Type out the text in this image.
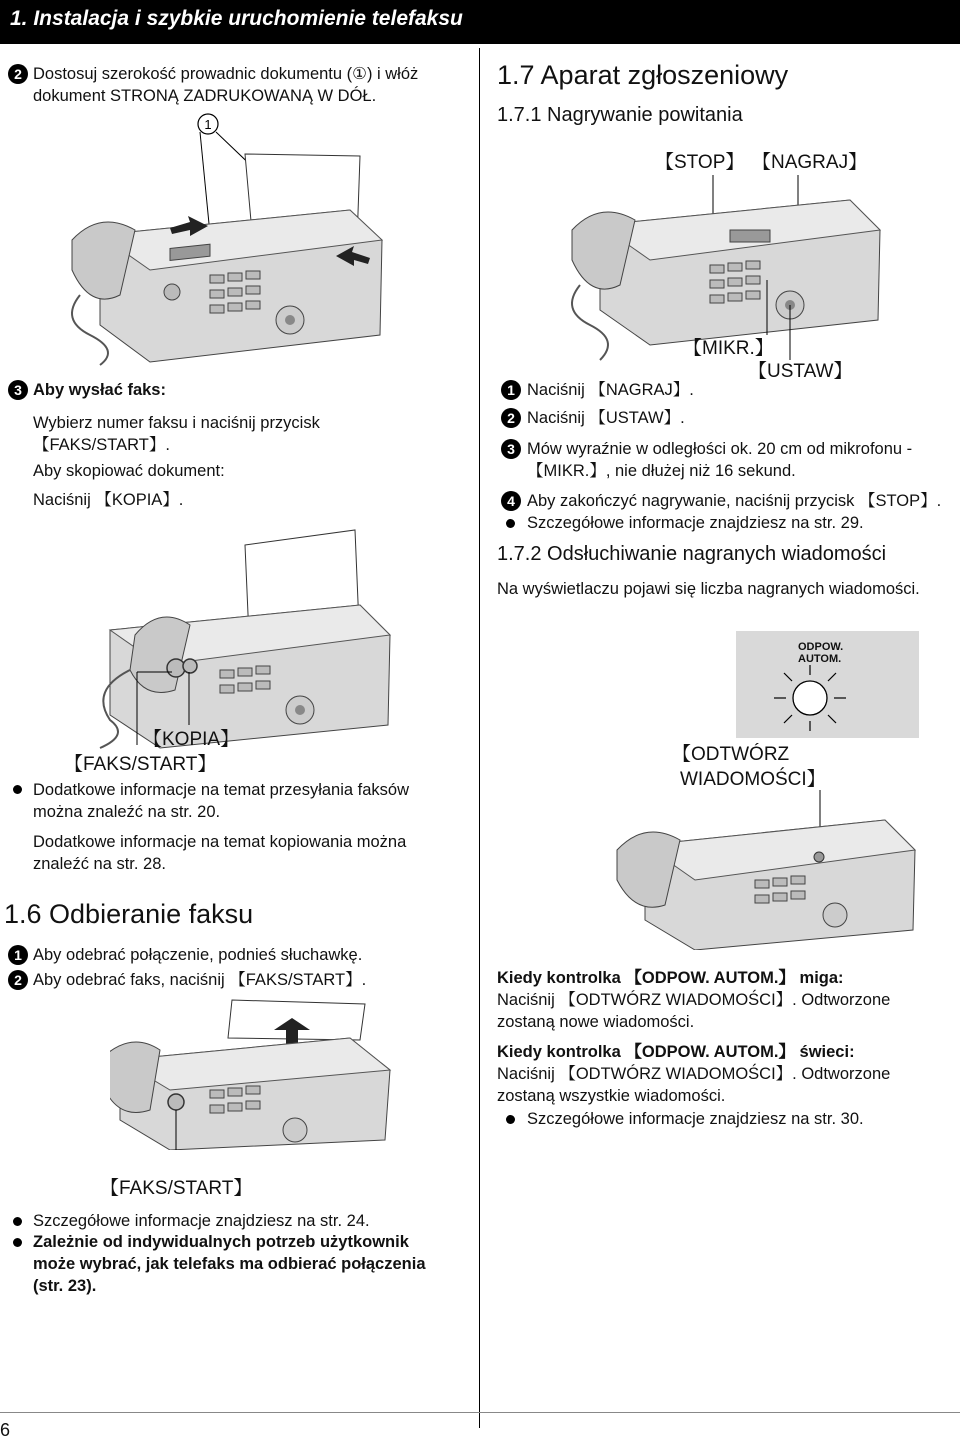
1. Instalacja i szybkie uruchomienie telefaksu
2 Dostosuj szerokość prowadnic dokumentu (①) i włóż
dokument STRONĄ ZADRUKOWANĄ W DÓŁ.
1
3 Aby wysłać faks:
Wybierz numer faksu i naciśnij przycisk
【FAKS/START】.
Aby skopiować dokument:
Naciśnij 【KOPIA】.
【KOPIA】
【FAKS/START】
Dodatkowe informacje na temat przesyłania faksów
można znaleźć na str. 20.
Dodatkowe informacje na temat kopiowania można
znaleźć na str. 28.
1.6 Odbieranie faksu
1 Aby odebrać połączenie, podnieś słuchawkę.
2 Aby odebrać faks, naciśnij 【FAKS/START】.
【FAKS/START】
Szczegółowe informacje znajdziesz na str. 24.
Zależnie od indywidualnych potrzeb użytkownik
może wybrać, jak telefaks ma odbierać połączenia
(str. 23).
1.7 Aparat zgłoszeniowy
1.7.1 Nagrywanie powitania
【STOP】 【NAGRAJ】
【MIKR.】
【USTAW】
1 Naciśnij 【NAGRAJ】.
2 Naciśnij 【USTAW】.
3 Mów wyraźnie w odległości ok. 20 cm od mikrofonu -
【MIKR.】, nie dłużej niż 16 sekund.
4 Aby zakończyć nagrywanie, naciśnij przycisk 【STOP】.
Szczegółowe informacje znajdziesz na str. 29.
1.7.2 Odsłuchiwanie nagranych wiadomości
Na wyświetlaczu pojawi się liczba nagranych wiadomości.
ODPOW.
AUTOM.
【ODTWÓRZ
WIADOMOŚCI】
Kiedy kontrolka 【ODPOW. AUTOM.】 miga:
Naciśnij 【ODTWÓRZ WIADOMOŚCI】. Odtworzone
zostaną nowe wiadomości.
Kiedy kontrolka 【ODPOW. AUTOM.】 świeci:
Naciśnij 【ODTWÓRZ WIADOMOŚCI】. Odtworzone
zostaną wszystkie wiadomości.
Szczegółowe informacje znajdziesz na str. 30.
6
